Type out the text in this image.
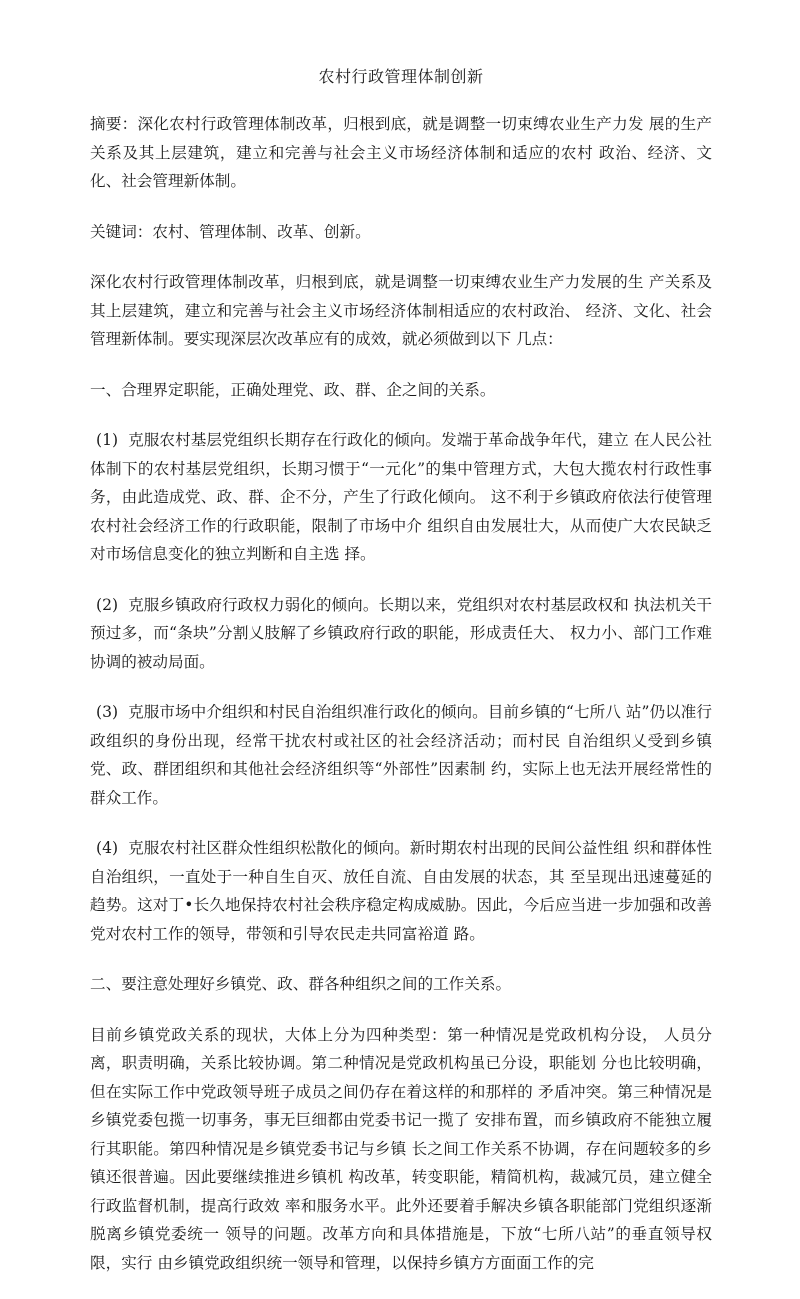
农村行政管理体制创新
摘要：深化农村行政管理体制改革，归根到底，就是调整一切束缚农业生产力发 展的生产关系及其上层建筑，建立和完善与社会主义市场经济体制和适应的农村 政治、经济、文化、社会管理新体制。
关键词：农村、管理体制、改革、创新。
深化农村行政管理体制改革，归根到底，就是调整一切束缚农业生产力发展的生 产关系及其上层建筑，建立和完善与社会主义市场经济体制相适应的农村政治、 经济、文化、社会管理新体制。要实现深层次改革应有的成效，就必须做到以下 几点：
一、合理界定职能，正确处理党、政、群、企之间的关系。
(1) 克服农村基层党组织长期存在行政化的倾向。发端于革命战争年代，建立 在人民公社体制下的农村基层党组织，长期习惯于“一元化”的集中管理方式，大包大揽农村行政性事务，由此造成党、政、群、企不分，产生了行政化倾向。 这不利于乡镇政府依法行使管理农村社会经济工作的行政职能，限制了市场中介 组织自由发展壮大，从而使广大农民缺乏对市场信息变化的独立判断和自主选 择。
(2) 克服乡镇政府行政权力弱化的倾向。长期以来，党组织对农村基层政权和 执法机关干预过多，而“条块”分割乂肢解了乡镇政府行政的职能，形成责任大、 权力小、部门工作难协调的被动局面。
(3) 克服市场中介组织和村民自治组织准行政化的倾向。目前乡镇的“七所八 站”仍以准行政组织的身份出现，经常干扰农村或社区的社会经济活动；而村民 自治组织乂受到乡镇党、政、群团组织和其他社会经济组织等“外部性”因素制 约，实际上也无法开展经常性的群众工作。
(4) 克服农村社区群众性组织松散化的倾向。新时期农村出现的民间公益性组 织和群体性自治组织，一直处于一种自生自灭、放任自流、自由发展的状态，其 至呈现出迅速蔓延的趋势。这对丁•长久地保持农村社会秩序稳定构成威胁。因此，今后应当进一步加强和改善党对农村工作的领导，带领和引导农民走共同富裕道 路。
二、要注意处理好乡镇党、政、群各种组织之间的工作关系。
目前乡镇党政关系的现状，大体上分为四种类型：第一种情况是党政机构分设， 人员分离，职责明确，关系比较协调。第二种情况是党政机构虽已分设，职能划 分也比较明确，但在实际工作中党政领导班子成员之间仍存在着这样的和那样的 矛盾冲突。第三种情况是乡镇党委包揽一切事务，事无巨细都由党委书记一揽了 安排布置，而乡镇政府不能独立履行其职能。第四种情况是乡镇党委书记与乡镇 长之间工作关系不协调，存在问题较多的乡镇还很普遍。因此要继续推进乡镇机 构改革，转变职能，精简机构，裁减冗员，建立健全行政监督机制，提高行政效 率和服务水平。此外还要着手解决乡镇各职能部门党组织逐渐脱离乡镇党委统一 领导的问题。改革方向和具体措施是，下放“七所八站”的垂直领导权限，实行 由乡镇党政组织统一领导和管理，以保持乡镇方方面面工作的完
